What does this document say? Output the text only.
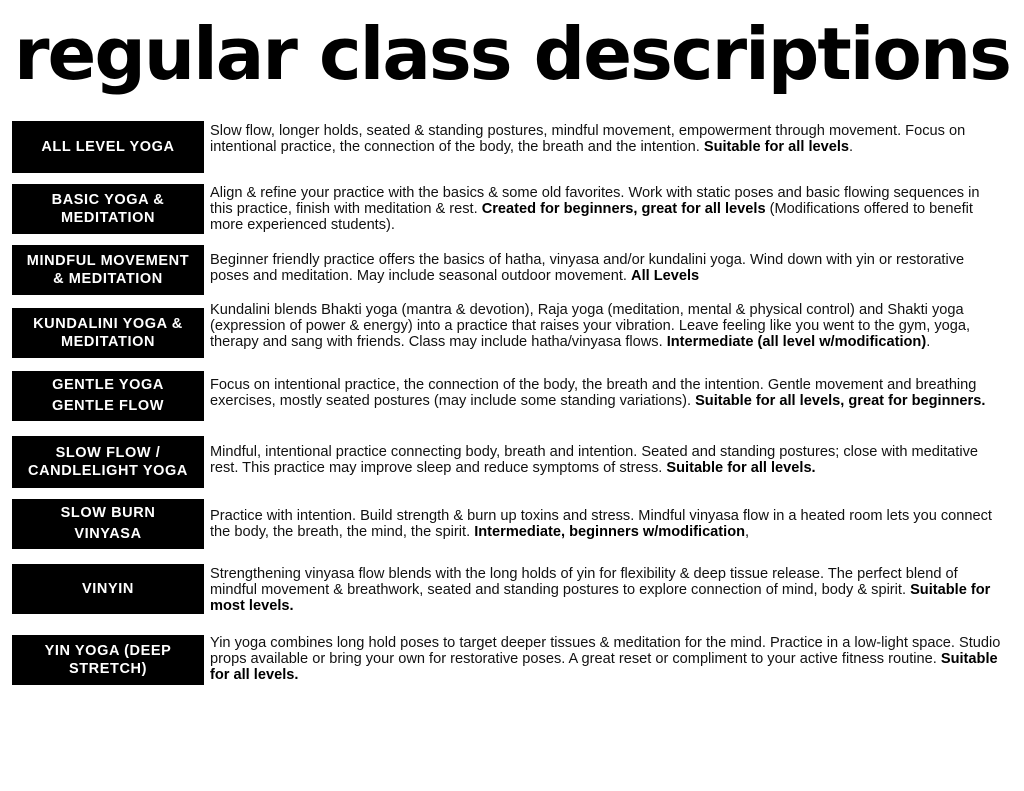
regular class descriptions
ALL LEVEL YOGA
Slow flow, longer holds, seated & standing postures, mindful movement, empowerment through movement. Focus on intentional practice, the connection of the body, the breath and the intention. Suitable for all levels.
BASIC YOGA &
MEDITATION
Align & refine your practice with the basics & some old favorites. Work with static poses and basic flowing sequences in this practice, finish with meditation & rest. Created for beginners, great for all levels (Modifications offered to benefit more experienced students).
MINDFUL MOVEMENT
& MEDITATION
Beginner friendly practice offers the basics of hatha, vinyasa and/or kundalini yoga. Wind down with yin or restorative poses and meditation. May include seasonal outdoor movement. All Levels
KUNDALINI YOGA &
MEDITATION
Kundalini blends Bhakti yoga (mantra & devotion), Raja yoga (meditation, mental & physical control) and Shakti yoga (expression of power & energy) into a practice that raises your vibration. Leave feeling like you went to the gym, yoga, therapy and sang with friends. Class may include hatha/vinyasa flows. Intermediate (all level w/modification).
GENTLE YOGA
GENTLE FLOW
Focus on intentional practice, the connection of the body, the breath and the intention. Gentle movement and breathing exercises, mostly seated postures (may include some standing variations). Suitable for all levels, great for beginners.
SLOW FLOW /
CANDLELIGHT YOGA
Mindful, intentional practice connecting body, breath and intention. Seated and standing postures; close with meditative rest. This practice may improve sleep and reduce symptoms of stress. Suitable for all levels.
SLOW BURN
VINYASA
Practice with intention. Build strength & burn up toxins and stress. Mindful vinyasa flow in a heated room lets you connect the body, the breath, the mind, the spirit. Intermediate, beginners w/modification,
VINYIN
Strengthening vinyasa flow blends with the long holds of yin for flexibility & deep tissue release. The perfect blend of mindful movement & breathwork, seated and standing postures to explore connection of mind, body & spirit. Suitable for most levels.
YIN YOGA (DEEP
STRETCH)
Yin yoga combines long hold poses to target deeper tissues & meditation for the mind. Practice in a low-light space. Studio props available or bring your own for restorative poses. A great reset or compliment to your active fitness routine. Suitable for all levels.
